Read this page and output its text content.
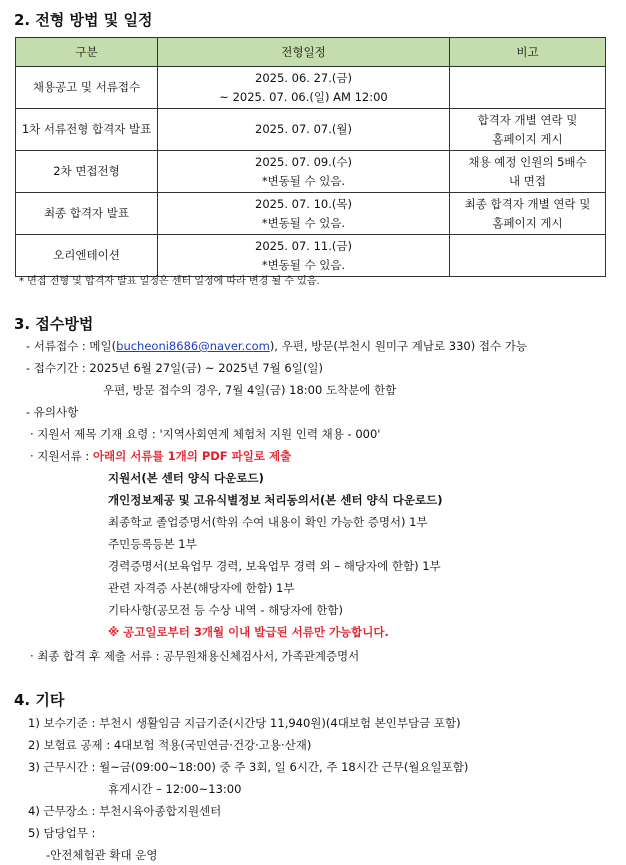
2. 전형 방법 및 일정
구분	전형일정	비고
채용공고 및 서류접수	2025. 06. 27.(금)
~ 2025. 07. 06.(일) AM 12:00	

1차 서류전형 합격자 발표	2025. 07. 07.(월)	합격자 개별 연락 및
홈페이지 게시

2차 면접전형	2025. 07. 09.(수)
*변동될 수 있음.	채용 예정 인원의 5배수
내 면접

최종 합격자 발표	2025. 07. 10.(목)
*변동될 수 있음.	최종 합격자 개별 연락 및
홈페이지 게시

오리엔테이션	2025. 07. 11.(금)
*변동될 수 있음.	

* 면접 전형 및 합격자 발표 일정은 센터 일정에 따라 변경 될 수 있음.
3. 접수방법
- 서류접수 : 메일(bucheoni8686@naver.com), 우편, 방문(부천시 원미구 계남로 330) 접수 가능
- 접수기간 : 2025년 6월 27일(금) ~ 2025년 7월 6일(일)
우편, 방문 접수의 경우, 7월 4일(금) 18:00 도착분에 한함
- 유의사항
· 지원서 제목 기재 요령 : '지역사회연계 체험처 지원 인력 채용 - 000'
· 지원서류 : 아래의 서류를 1개의 PDF 파일로 제출
지원서(본 센터 양식 다운로드)
개인정보제공 및 고유식별정보 처리동의서(본 센터 양식 다운로드)
최종학교 졸업증명서(학위 수여 내용이 확인 가능한 증명서) 1부
주민등록등본 1부
경력증명서(보육업무 경력, 보육업무 경력 외 – 해당자에 한함) 1부
관련 자격증 사본(해당자에 한함) 1부
기타사항(공모전 등 수상 내역 - 해당자에 한함)
※ 공고일로부터 3개월 이내 발급된 서류만 가능합니다.
· 최종 합격 후 제출 서류 : 공무원채용신체검사서, 가족관계증명서
4. 기타
1) 보수기준 : 부천시 생활임금 지급기준(시간당 11,940원)(4대보험 본인부담금 포함)
2) 보험료 공제 : 4대보험 적용(국민연금·건강·고용·산재)
3) 근무시간 : 월~금(09:00~18:00) 중 주 3회, 일 6시간, 주 18시간 근무(월요일포함)
휴게시간 – 12:00~13:00
4) 근무장소 : 부천시육아종합지원센터
5) 담당업무 :
-안전체험관 확대 운영
